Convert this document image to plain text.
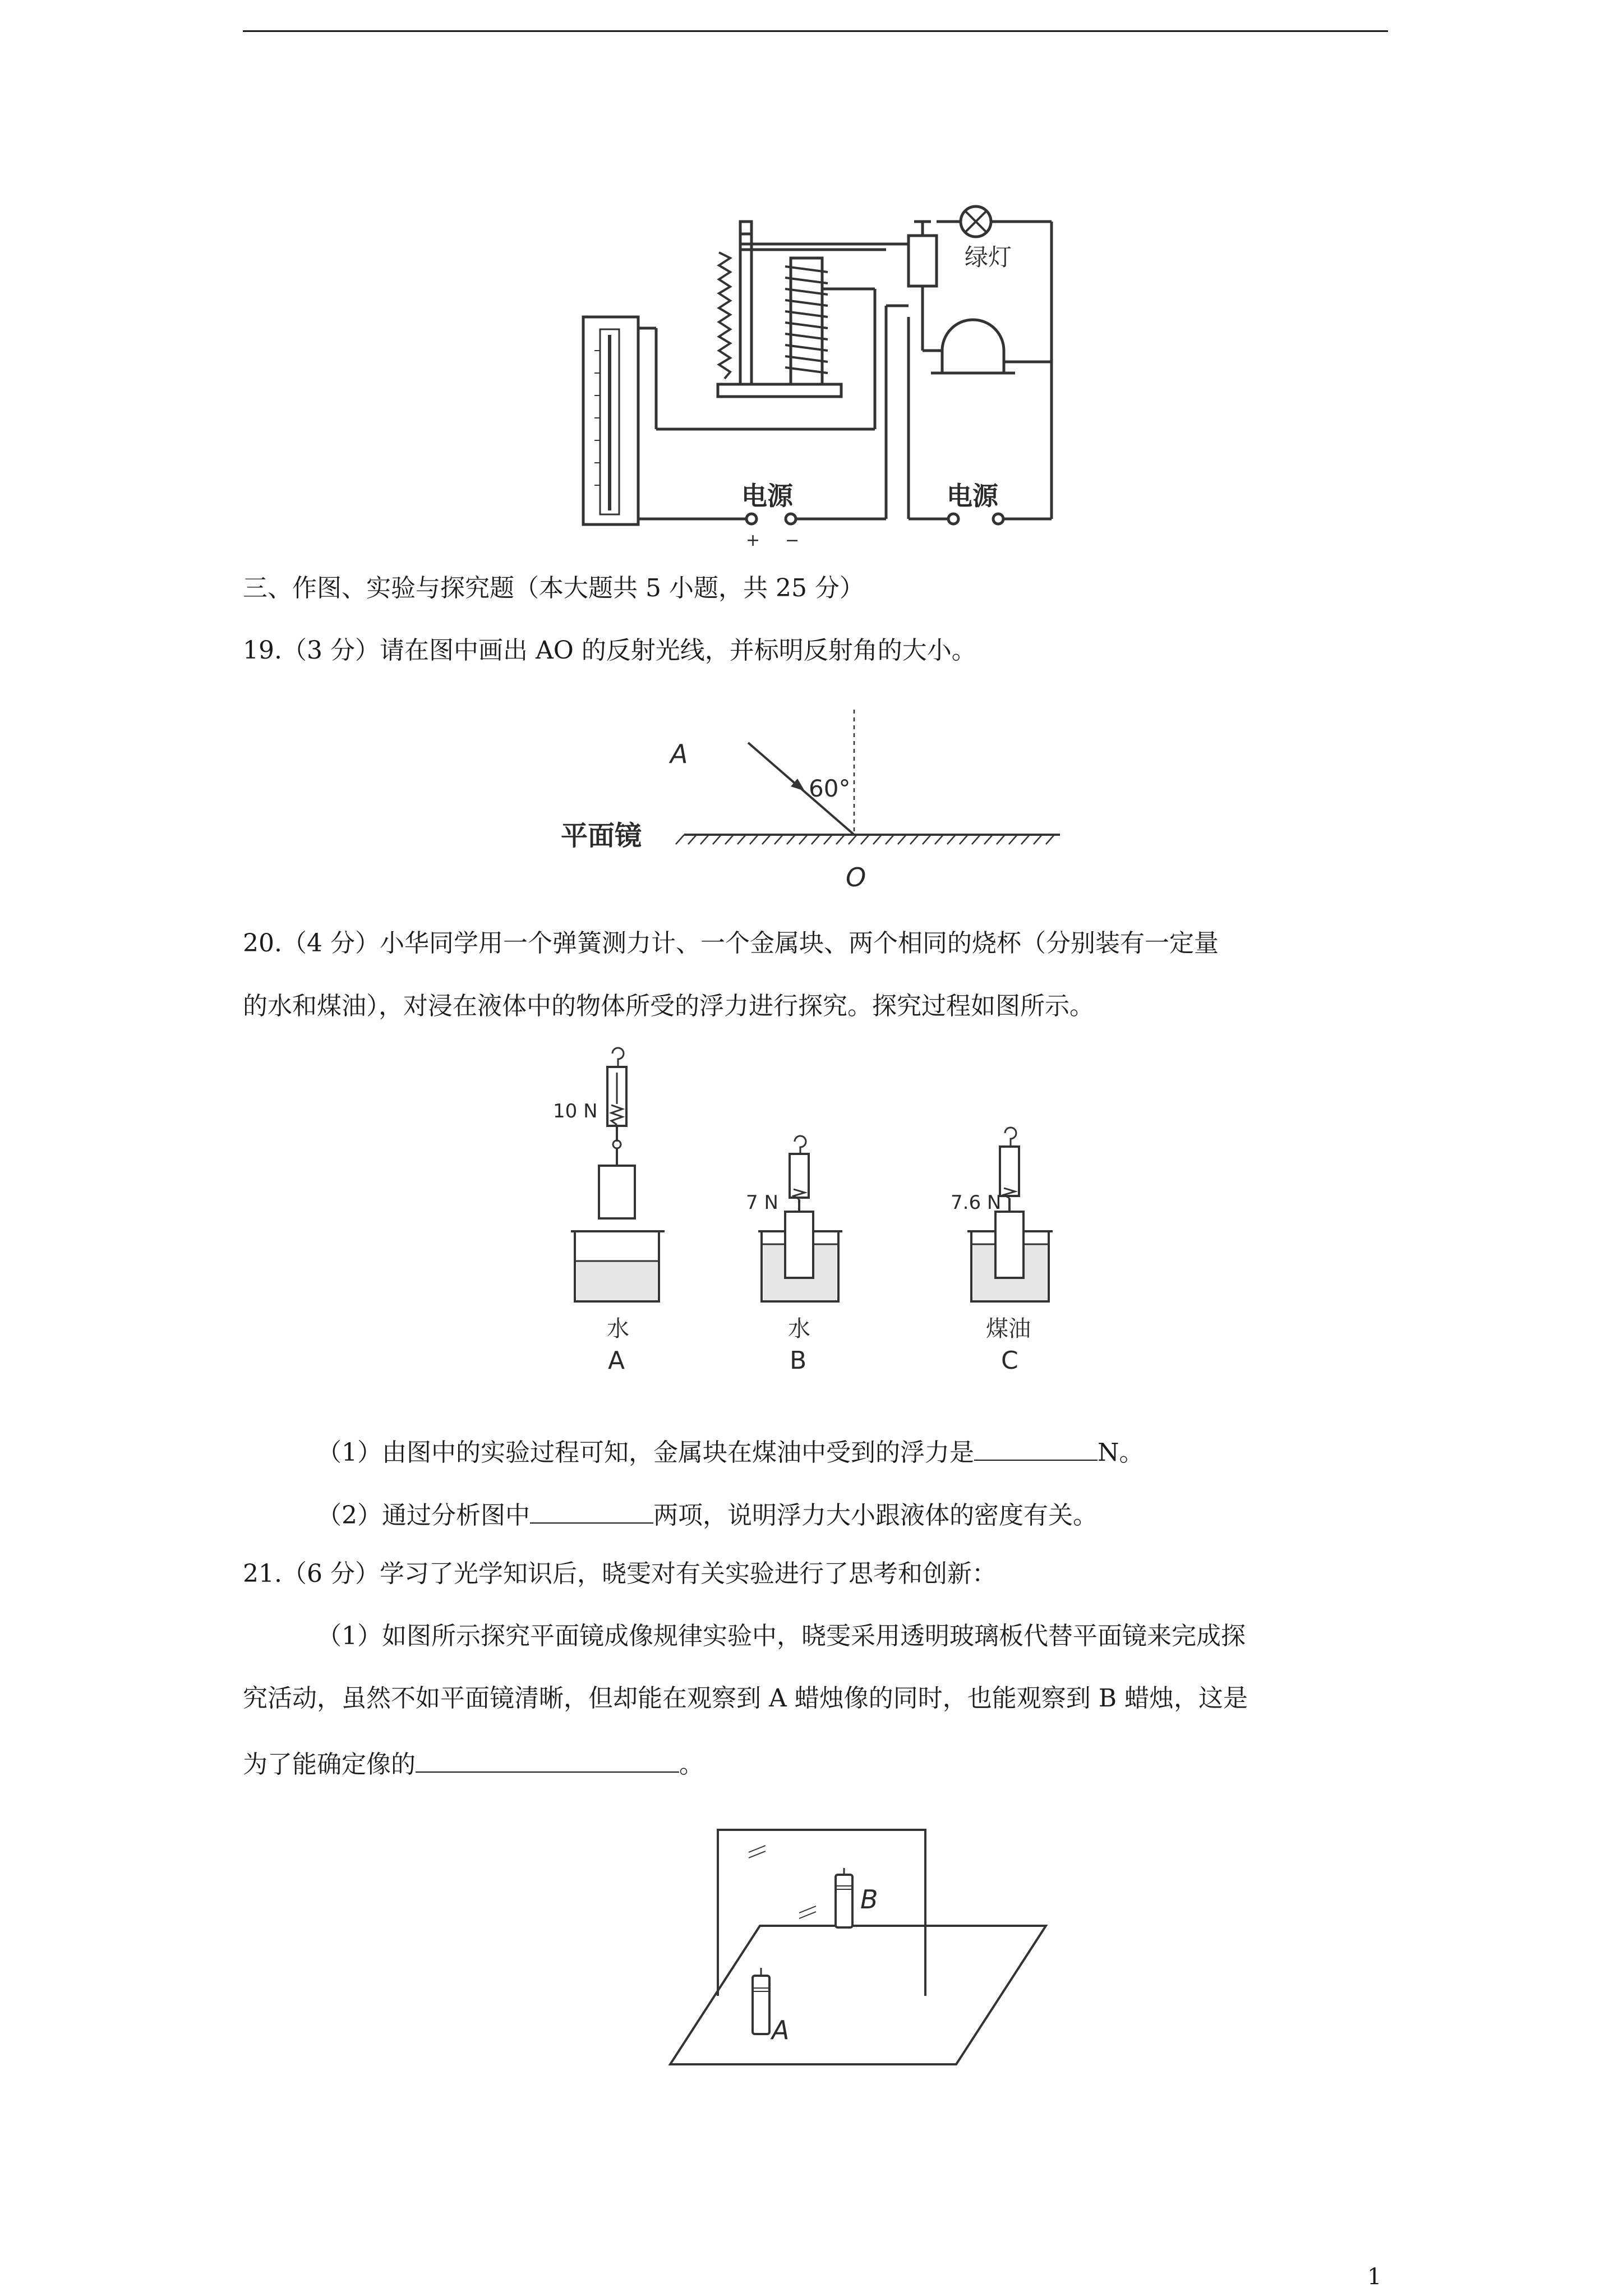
绿灯
电源	电源
+ −
三、作图、实验与探究题（本大题共 5 小题，共 25 分）
19.（3 分）请在图中画出 AO 的反射光线，并标明反射角的大小。
A
60°
平面镜
O
20.（4 分）小华同学用一个弹簧测力计、一个金属块、两个相同的烧杯（分别装有一定量
的水和煤油），对浸在液体中的物体所受的浮力进行探究。探究过程如图所示。
10 N
水
A
7 N
水
B
7.6 N
煤油
C
（1）由图中的实验过程可知，金属块在煤油中受到的浮力是	N。
（2）通过分析图中	两项，说明浮力大小跟液体的密度有关。
21.（6 分）学习了光学知识后，晓雯对有关实验进行了思考和创新：
（1）如图所示探究平面镜成像规律实验中，晓雯采用透明玻璃板代替平面镜来完成探
究活动，虽然不如平面镜清晰，但却能在观察到 A 蜡烛像的同时，也能观察到 B 蜡烛，这是
为了能确定像的	。
B
A
1
